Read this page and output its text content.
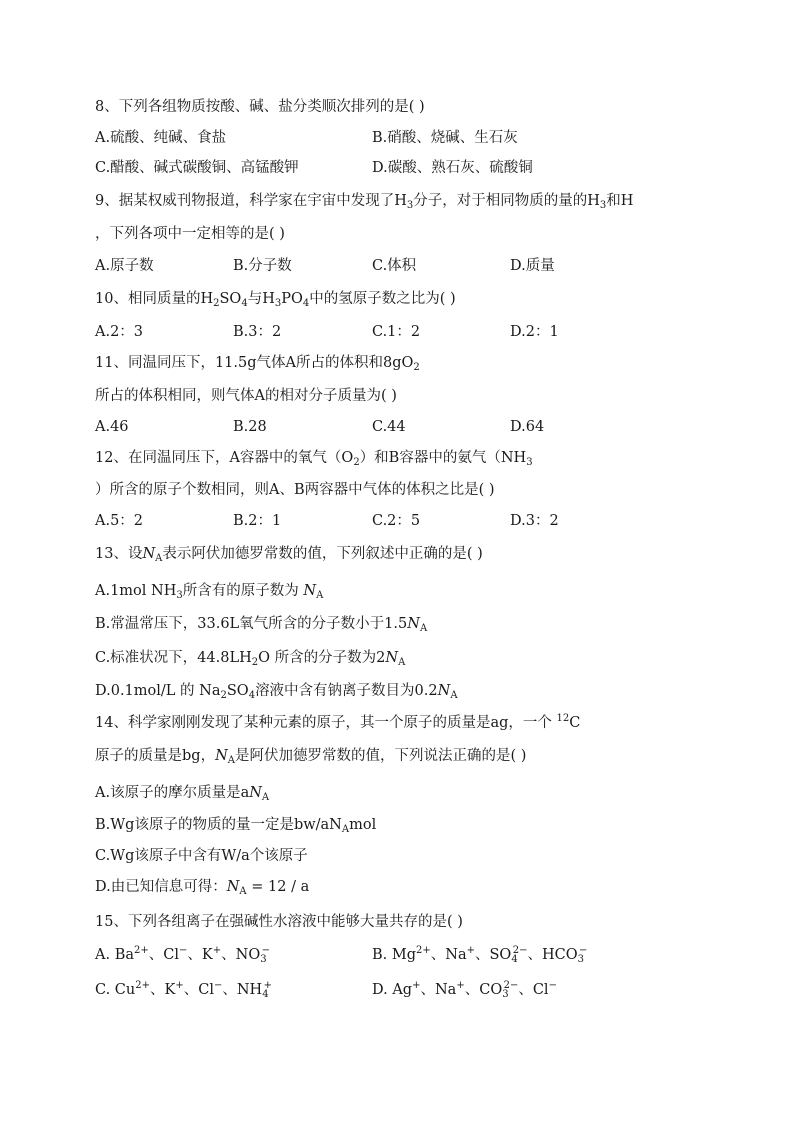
8、下列各组物质按酸、碱、盐分类顺次排列的是( )
A.硫酸、纯碱、食盐	B.硝酸、烧碱、生石灰
C.醋酸、碱式碳酸铜、高锰酸钾	D.碳酸、熟石灰、硫酸铜
9、据某权威刊物报道，科学家在宇宙中发现了$H_3$分子，对于相同物质的量的$H_3$和H
，下列各项中一定相等的是( )
A.原子数	B.分子数	C.体积	D.质量
10、相同质量的$H_2SO_4$与$H_3PO_4$中的氢原子数之比为( )
A.2：3	B.3：2	C.1：2	D.2：1
11、同温同压下，11.5g气体A所占的体积和$8gO_2$
所占的体积相同，则气体A的相对分子质量为( )
A.46	B.28	C.44	D.64
12、在同温同压下，A容器中的氧气$(O_2)$和B容器中的氨气（$NH_3$
）所含的原子个数相同，则A、B两容器中气体的体积之比是( )
A.5：2	B.2：1	C.2：5	D.3：2
13、设$N_A$表示阿伏加德罗常数的值，下列叙述中正确的是( )
A.1mol $NH_3$所含有的原子数为 $N_A$
B.常温常压下，33.6L氧气所含的分子数小于$1.5N_A$
C.标准状况下，$44.8LH_2O$ 所含的分子数为$2N_A$
D.0.1mol/L 的 $Na_2SO_4$溶液中含有钠离子数目为$0.2N_A$
14、科学家刚刚发现了某种元素的原子，其一个原子的质量是ag，一个 $^{12}$C
原子的质量是bg，$N_A$是阿伏加德罗常数的值，下列说法正确的是( )
A.该原子的摩尔质量是$aN_A$
B.Wg该原子的物质的量一定是$bw/aN_Amol$
C.Wg该原子中含有W/a个该原子
D.由已知信息可得：$N_A = 12 / a$
15、下列各组离子在强碱性水溶液中能够大量共存的是( )
A. $Ba^{2+}$、Cl−、K+、$NO_3^-$	B. $Mg^{2+}$、Na+、$SO_4^{2-}$、$HCO_3^-$
C. $Cu^{2+}$、K+、Cl−、$NH_4^+$	D. Ag+、Na+、$CO_3^{2-}$、Cl−
